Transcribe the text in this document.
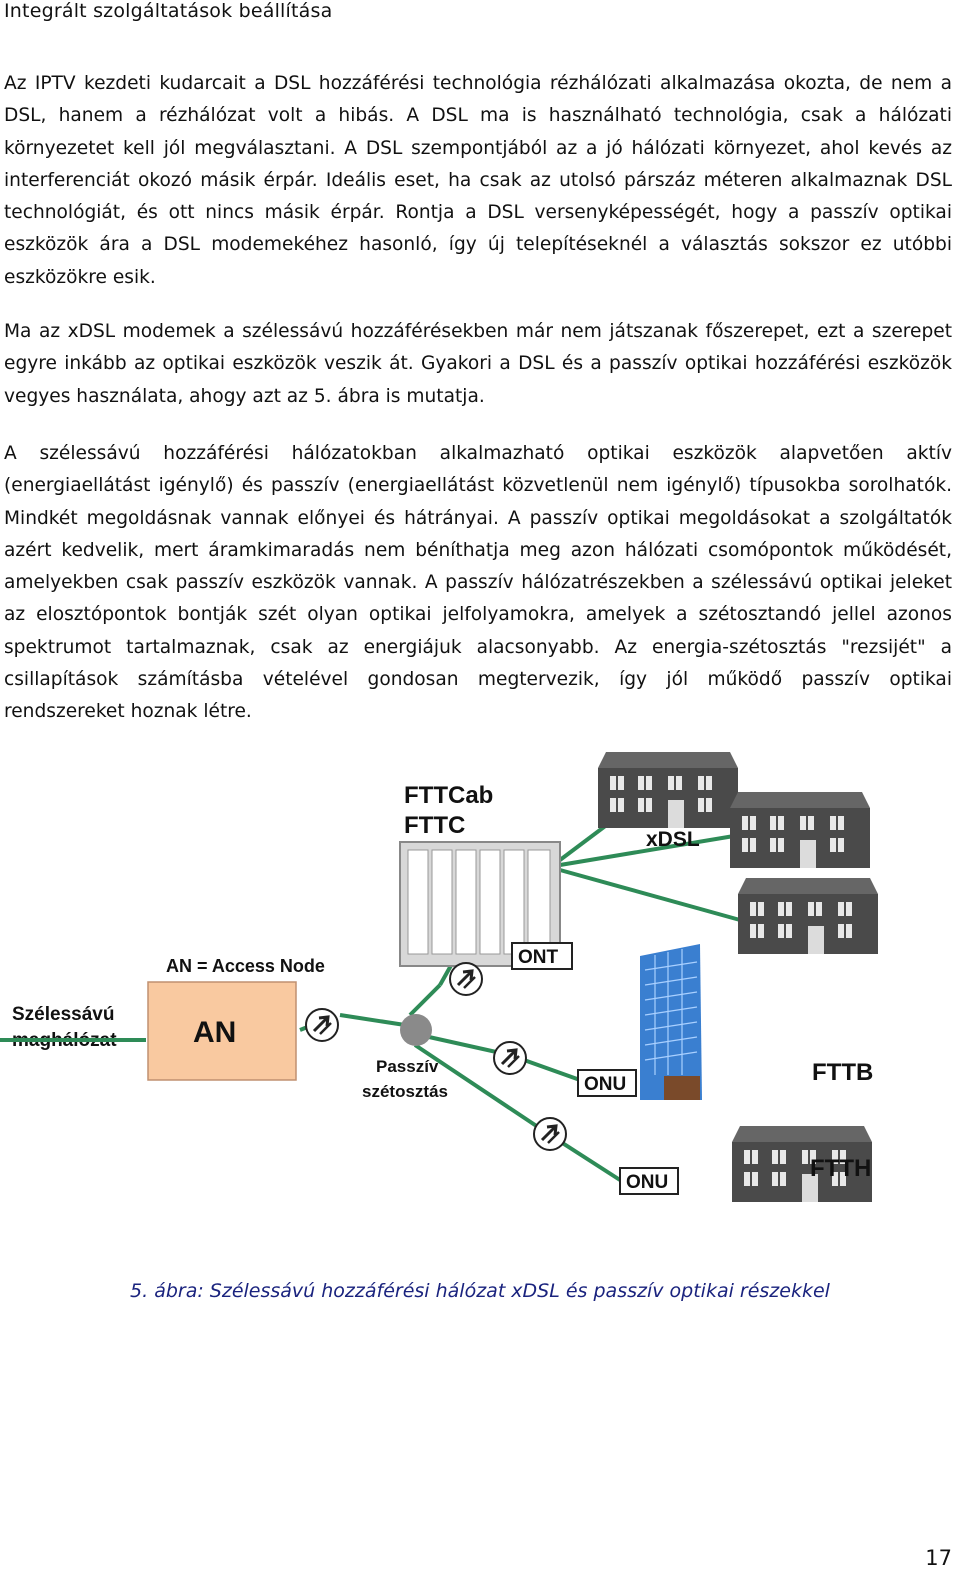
Integrált szolgáltatások beállítása

Az IPTV kezdeti kudarcait a DSL hozzáférési technológia rézhálózati alkalmazása okozta, de nem a DSL, hanem a rézhálózat volt a hibás. A DSL ma is használható technológia, csak a hálózati környezetet kell jól megválasztani. A DSL szempontjából az a jó hálózati környezet, ahol kevés az interferenciát okozó másik érpár. Ideális eset, ha csak az utolsó párszáz méteren alkalmaznak DSL technológiát, és ott nincs másik érpár. Rontja a DSL versenyképességét, hogy a passzív optikai eszközök ára a DSL modemekéhez hasonló, így új telepítéseknél a választás sokszor ez utóbbi eszközökre esik.

Ma az xDSL modemek a szélessávú hozzáférésekben már nem játszanak főszerepet, ezt a szerepet egyre inkább az optikai eszközök veszik át. Gyakori a DSL és a passzív optikai hozzáférési eszközök vegyes használata, ahogy azt az 5. ábra is mutatja.

A szélessávú hozzáférési hálózatokban alkalmazható optikai eszközök alapvetően aktív (energiaellátást igénylő) és passzív (energiaellátást közvetlenül nem igénylő) típusokba sorolhatók. Mindkét megoldásnak vannak előnyei és hátrányai. A passzív optikai megoldásokat a szolgáltatók azért kedvelik, mert áramkimaradás nem béníthatja meg azon hálózati csomópontok működését, amelyekben csak passzív eszközök vannak. A passzív hálózatrészekben a szélessávú optikai jeleket az elosztópontok bontják szét olyan optikai jelfolyamokra, amelyek a szétosztandó jellel azonos spektrumot tartalmaznak, csak az energiájuk alacsonyabb. Az energia-szétosztás "rezsijét" a csillapítások számításba vételével gondosan megtervezik, így jól működő passzív optikai rendszereket hoznak létre.

FTTCab
FTTC
xDSL
AN = Access Node
Szélessávú
maghálózat	AN
Passzív
szétosztás
ONT
ONU
ONU
FTTB
FTTH
5. ábra: Szélessávú hozzáférési hálózat xDSL és passzív optikai részekkel
17
